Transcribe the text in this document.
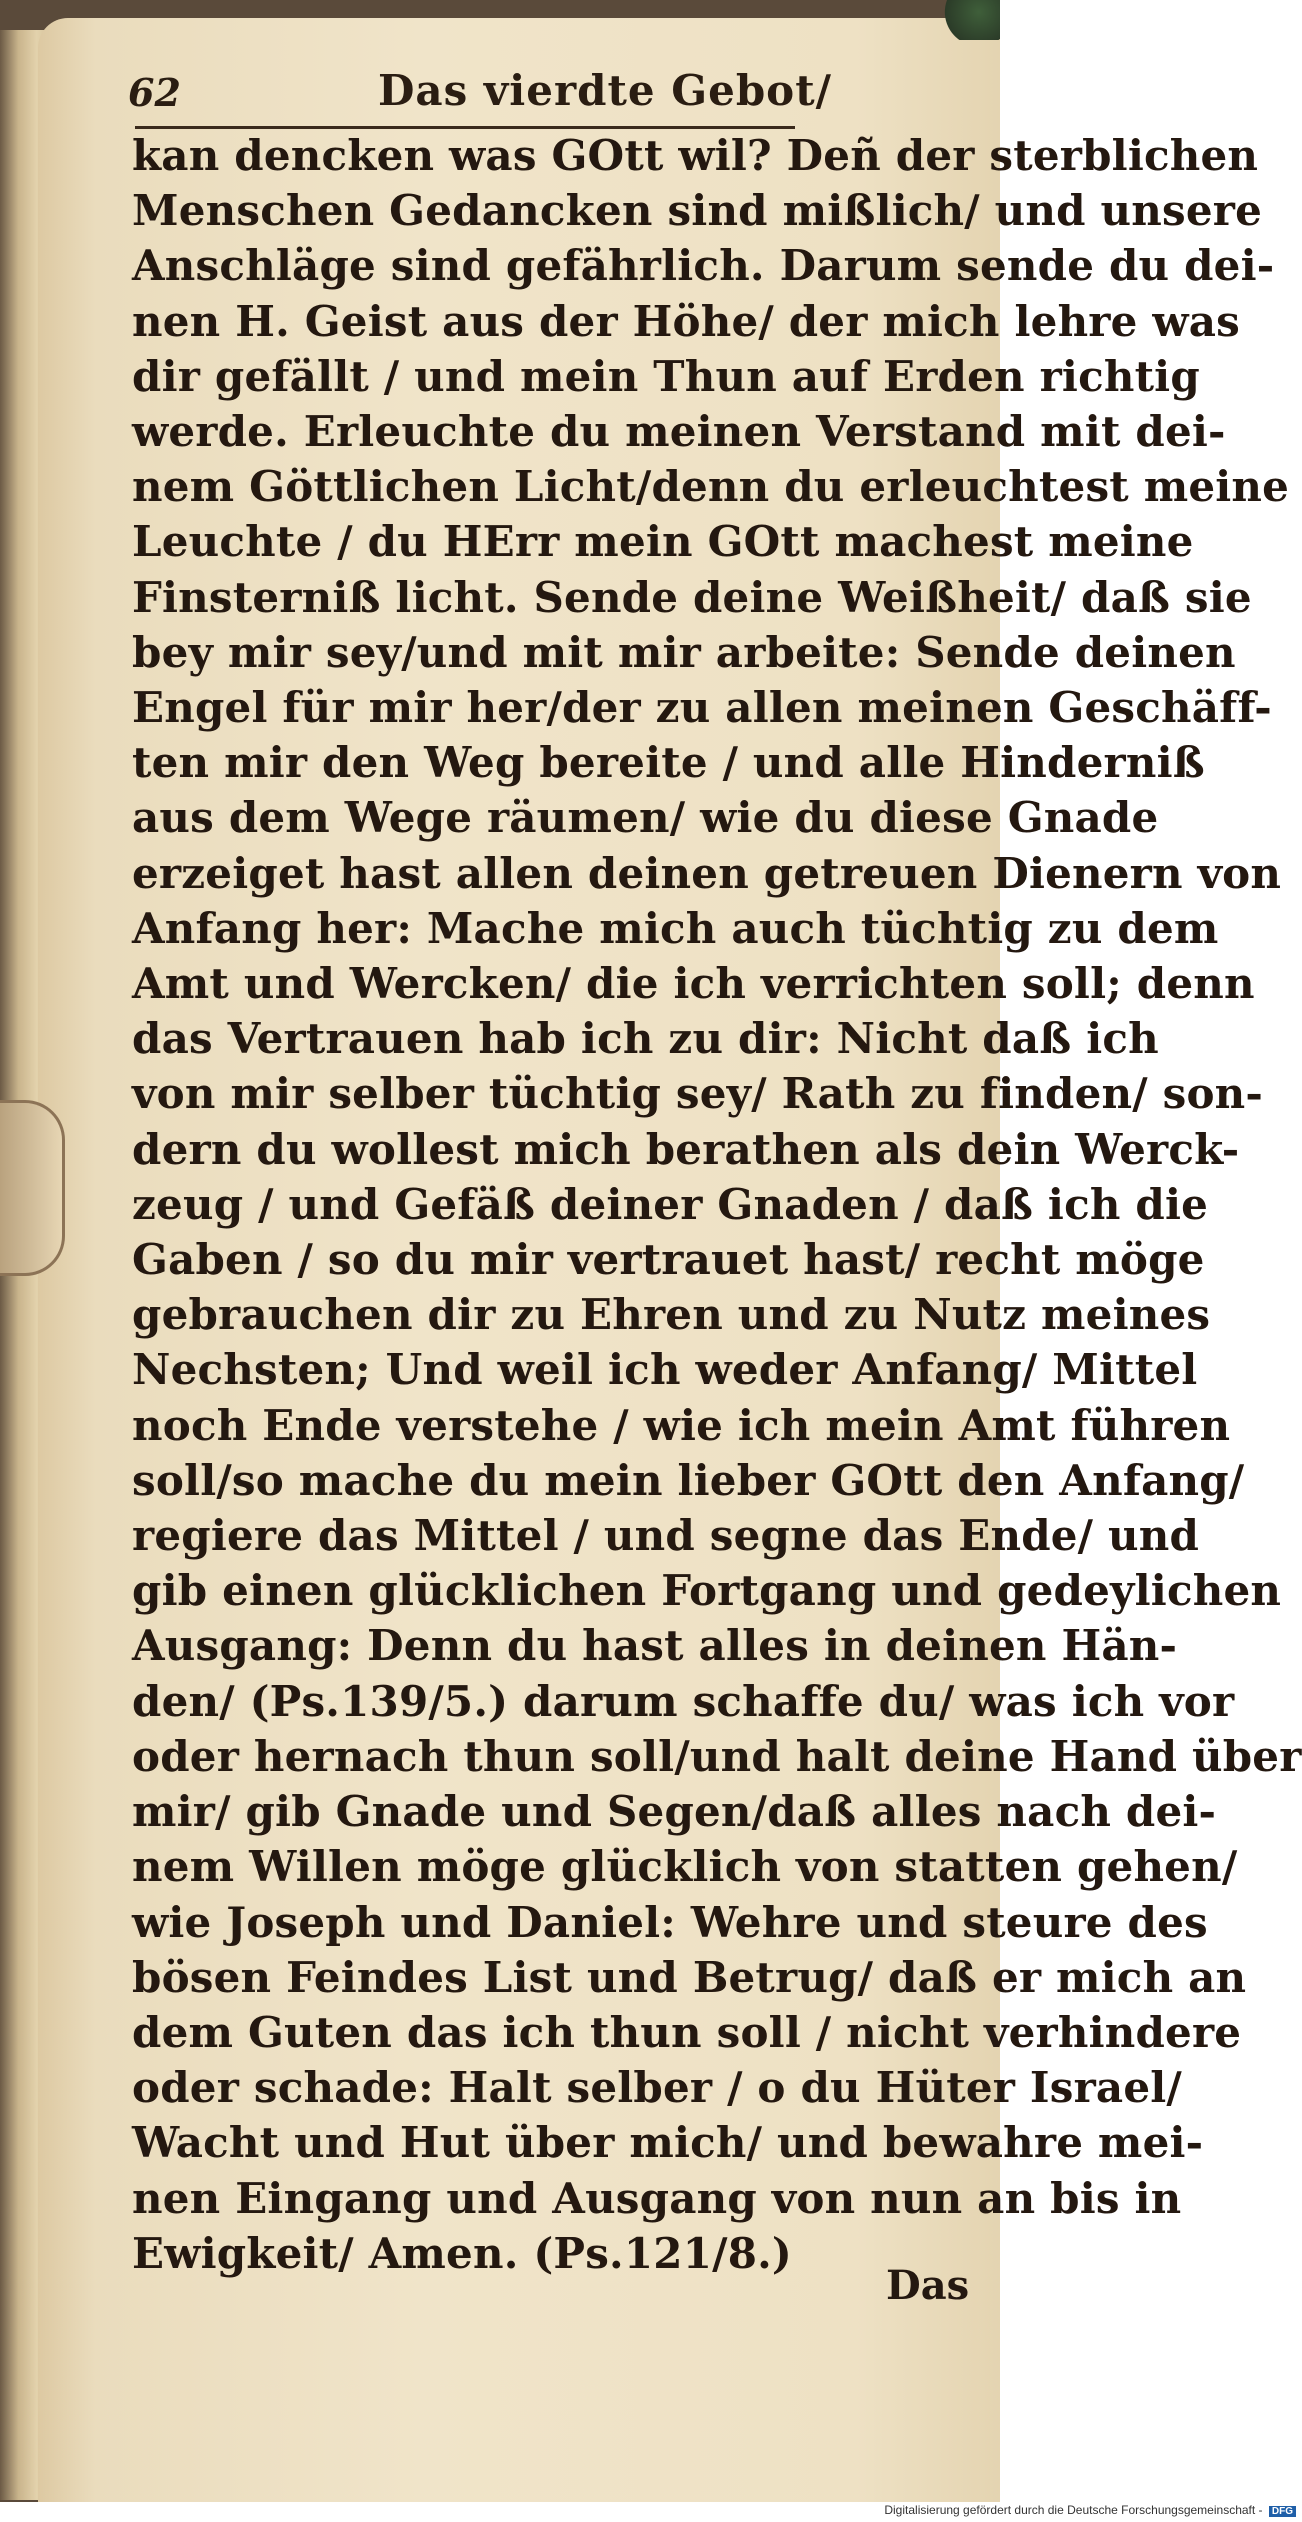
62	Das vierdte Gebot/
kan dencken was GOtt wil? Deñ der sterblichen
Menschen Gedancken sind mißlich/ und unsere
Anschläge sind gefährlich. Darum sende du dei-
nen H. Geist aus der Höhe/ der mich lehre was
dir gefällt / und mein Thun auf Erden richtig
werde. Erleuchte du meinen Verstand mit dei-
nem Göttlichen Licht/denn du erleuchtest meine
Leuchte / du HErr mein GOtt machest meine
Finsterniß licht. Sende deine Weißheit/ daß sie
bey mir sey/und mit mir arbeite: Sende deinen
Engel für mir her/der zu allen meinen Geschäff-
ten mir den Weg bereite / und alle Hinderniß
aus dem Wege räumen/ wie du diese Gnade
erzeiget hast allen deinen getreuen Dienern von
Anfang her: Mache mich auch tüchtig zu dem
Amt und Wercken/ die ich verrichten soll; denn
das Vertrauen hab ich zu dir: Nicht daß ich
von mir selber tüchtig sey/ Rath zu finden/ son-
dern du wollest mich berathen als dein Werck-
zeug / und Gefäß deiner Gnaden / daß ich die
Gaben / so du mir vertrauet hast/ recht möge
gebrauchen dir zu Ehren und zu Nutz meines
Nechsten; Und weil ich weder Anfang/ Mittel
noch Ende verstehe / wie ich mein Amt führen
soll/so mache du mein lieber GOtt den Anfang/
regiere das Mittel / und segne das Ende/ und
gib einen glücklichen Fortgang und gedeylichen
Ausgang: Denn du hast alles in deinen Hän-
den/ (Ps.139/5.) darum schaffe du/ was ich vor
oder hernach thun soll/und halt deine Hand über
mir/ gib Gnade und Segen/daß alles nach dei-
nem Willen möge glücklich von statten gehen/
wie Joseph und Daniel: Wehre und steure des
bösen Feindes List und Betrug/ daß er mich an
dem Guten das ich thun soll / nicht verhindere
oder schade: Halt selber / o du Hüter Israel/
Wacht und Hut über mich/ und bewahre mei-
nen Eingang und Ausgang von nun an bis in
Ewigkeit/ Amen. (Ps.121/8.)
Das
Digitalisierung gefördert durch die Deutsche Forschungsgemeinschaft - DFG
